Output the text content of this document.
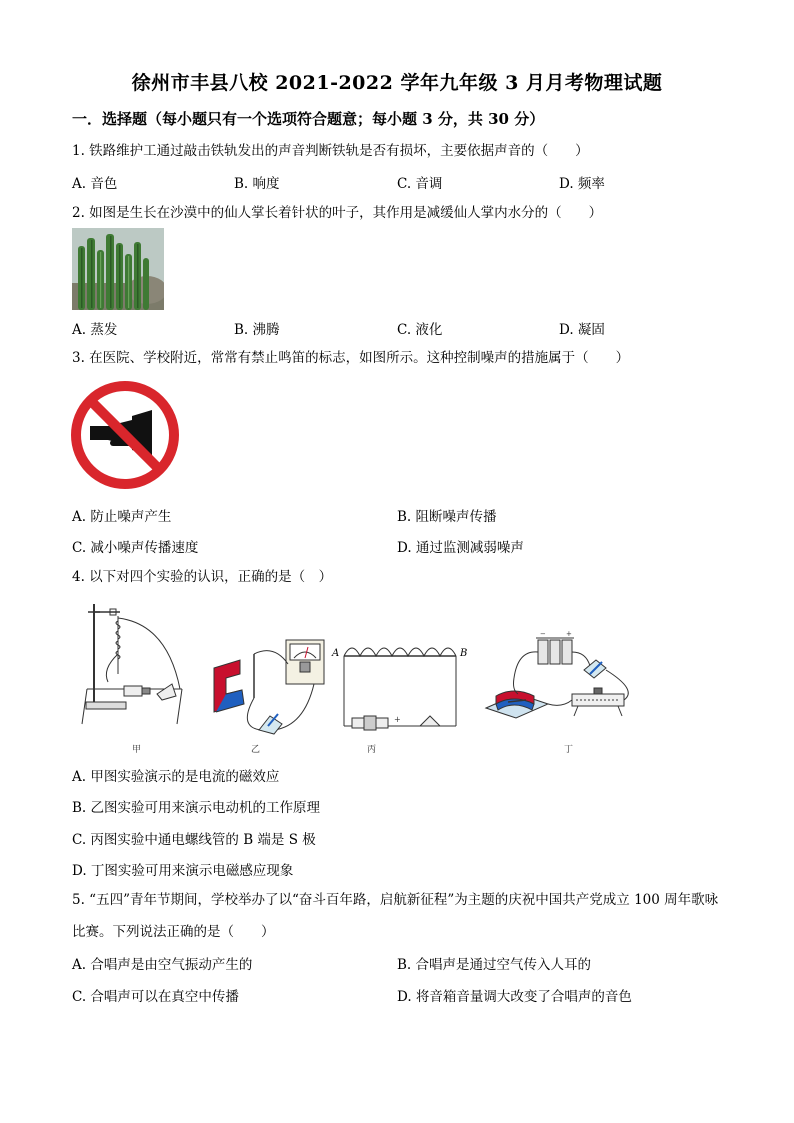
徐州市丰县八校 2021-2022 学年九年级 3 月月考物理试题
一．选择题（每小题只有一个选项符合题意；每小题 3 分，共 30 分）
1. 铁路维护工通过敲击铁轨发出的声音判断铁轨是否有损坏，主要依据声音的（　　）
A. 音色	B. 响度	C. 音调	D. 频率
2. 如图是生长在沙漠中的仙人掌长着针状的叶子，其作用是减缓仙人掌内水分的（　　）
A. 蒸发	B. 沸腾	C. 液化	D. 凝固
3. 在医院、学校附近，常常有禁止鸣笛的标志，如图所示。这种控制噪声的措施属于（　　）
A. 防止噪声产生	B. 阻断噪声传播
C. 减小噪声传播速度	D. 通过监测减弱噪声
4. 以下对四个实验的认识，正确的是（　）
甲	乙
+
A	B
丙
−	+
丁
A. 甲图实验演示的是电流的磁效应
B. 乙图实验可用来演示电动机的工作原理
C. 丙图实验中通电螺线管的 B 端是 S 极
D. 丁图实验可用来演示电磁感应现象
5. “五四”青年节期间，学校举办了以“奋斗百年路，启航新征程”为主题的庆祝中国共产党成立 100 周年歌咏比赛。下列说法正确的是（　　）
A. 合唱声是由空气振动产生的	B. 合唱声是通过空气传入人耳的
C. 合唱声可以在真空中传播	D. 将音箱音量调大改变了合唱声的音色
